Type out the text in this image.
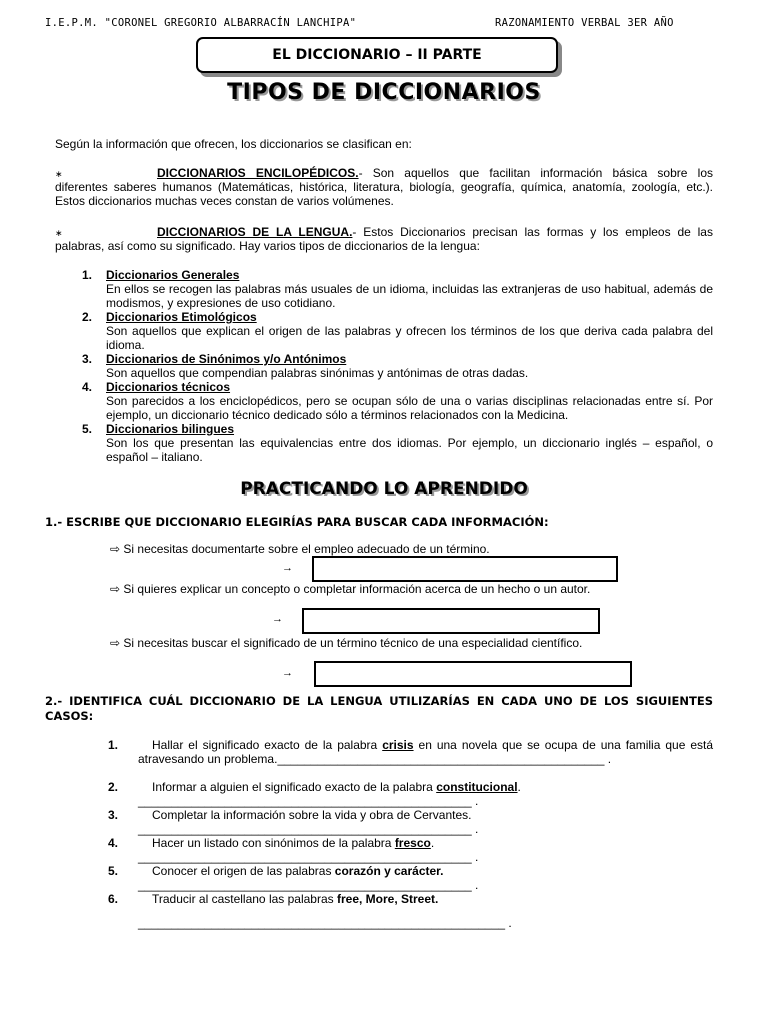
I.E.P.M. "CORONEL GREGORIO ALBARRACÍN LANCHIPA"	RAZONAMIENTO VERBAL 3ER AÑO
EL DICCIONARIO – II PARTE
TIPOS DE DICCIONARIOS
Según la información que ofrecen, los diccionarios se clasifican en:
∗	DICCIONARIOS ENCILOPÉDICOS.- Son aquellos que facilitan información básica sobre los
diferentes saberes humanos (Matemáticas, histórica, literatura, biología, geografía, química, anatomía, zoología, etc.). Estos diccionarios muchas veces constan de varios volúmenes.
∗	DICCIONARIOS DE LA LENGUA.- Estos Diccionarios precisan las formas y los empleos de las
palabras, así como su significado. Hay varios tipos de diccionarios de la lengua:
1. Diccionarios Generales
En ellos se recogen las palabras más usuales de un idioma, incluidas las extranjeras de uso habitual, además de modismos, y expresiones de uso cotidiano.
2. Diccionarios Etimológicos
Son aquellos que explican el origen de las palabras y ofrecen los términos de los que deriva cada palabra del idioma.
3. Diccionarios de Sinónimos y/o Antónimos
Son aquellos que compendian palabras sinónimas y antónimas de otras dadas.
4. Diccionarios técnicos
Son parecidos a los enciclopédicos, pero se ocupan sólo de una o varias disciplinas relacionadas entre sí. Por ejemplo, un diccionario técnico dedicado sólo a términos relacionados con la Medicina.
5. Diccionarios bilingues
Son los que presentan las equivalencias entre dos idiomas. Por ejemplo, un diccionario inglés – español, o español – italiano.
PRACTICANDO LO APRENDIDO
1.- ESCRIBE QUE DICCIONARIO ELEGIRÍAS PARA BUSCAR CADA INFORMACIÓN:
⇨ Si necesitas documentarte sobre el empleo adecuado de un término.
→
⇨ Si quieres explicar un concepto o completar información acerca de un hecho o un autor.
→
⇨ Si necesitas buscar el significado de un término técnico de una especialidad científico.
→
2.- IDENTIFICA CUÁL DICCIONARIO DE LA LENGUA UTILIZARÍAS EN CADA UNO DE LOS SIGUIENTES CASOS:
1.	Hallar el significado exacto de la palabra crisis en una novela que se ocupa de una familia que está atravesando un problema._________________________________________________ .
2.	Informar a alguien el significado exacto de la palabra constitucional.
__________________________________________________ .
3.	Completar la información sobre la vida y obra de Cervantes.
__________________________________________________ .
4.	Hacer un listado con sinónimos de la palabra fresco.
__________________________________________________ .
5.	Conocer el origen de las palabras corazón y carácter.
__________________________________________________ .
6.	Traducir al castellano las palabras free, More, Street.
_______________________________________________________ .
